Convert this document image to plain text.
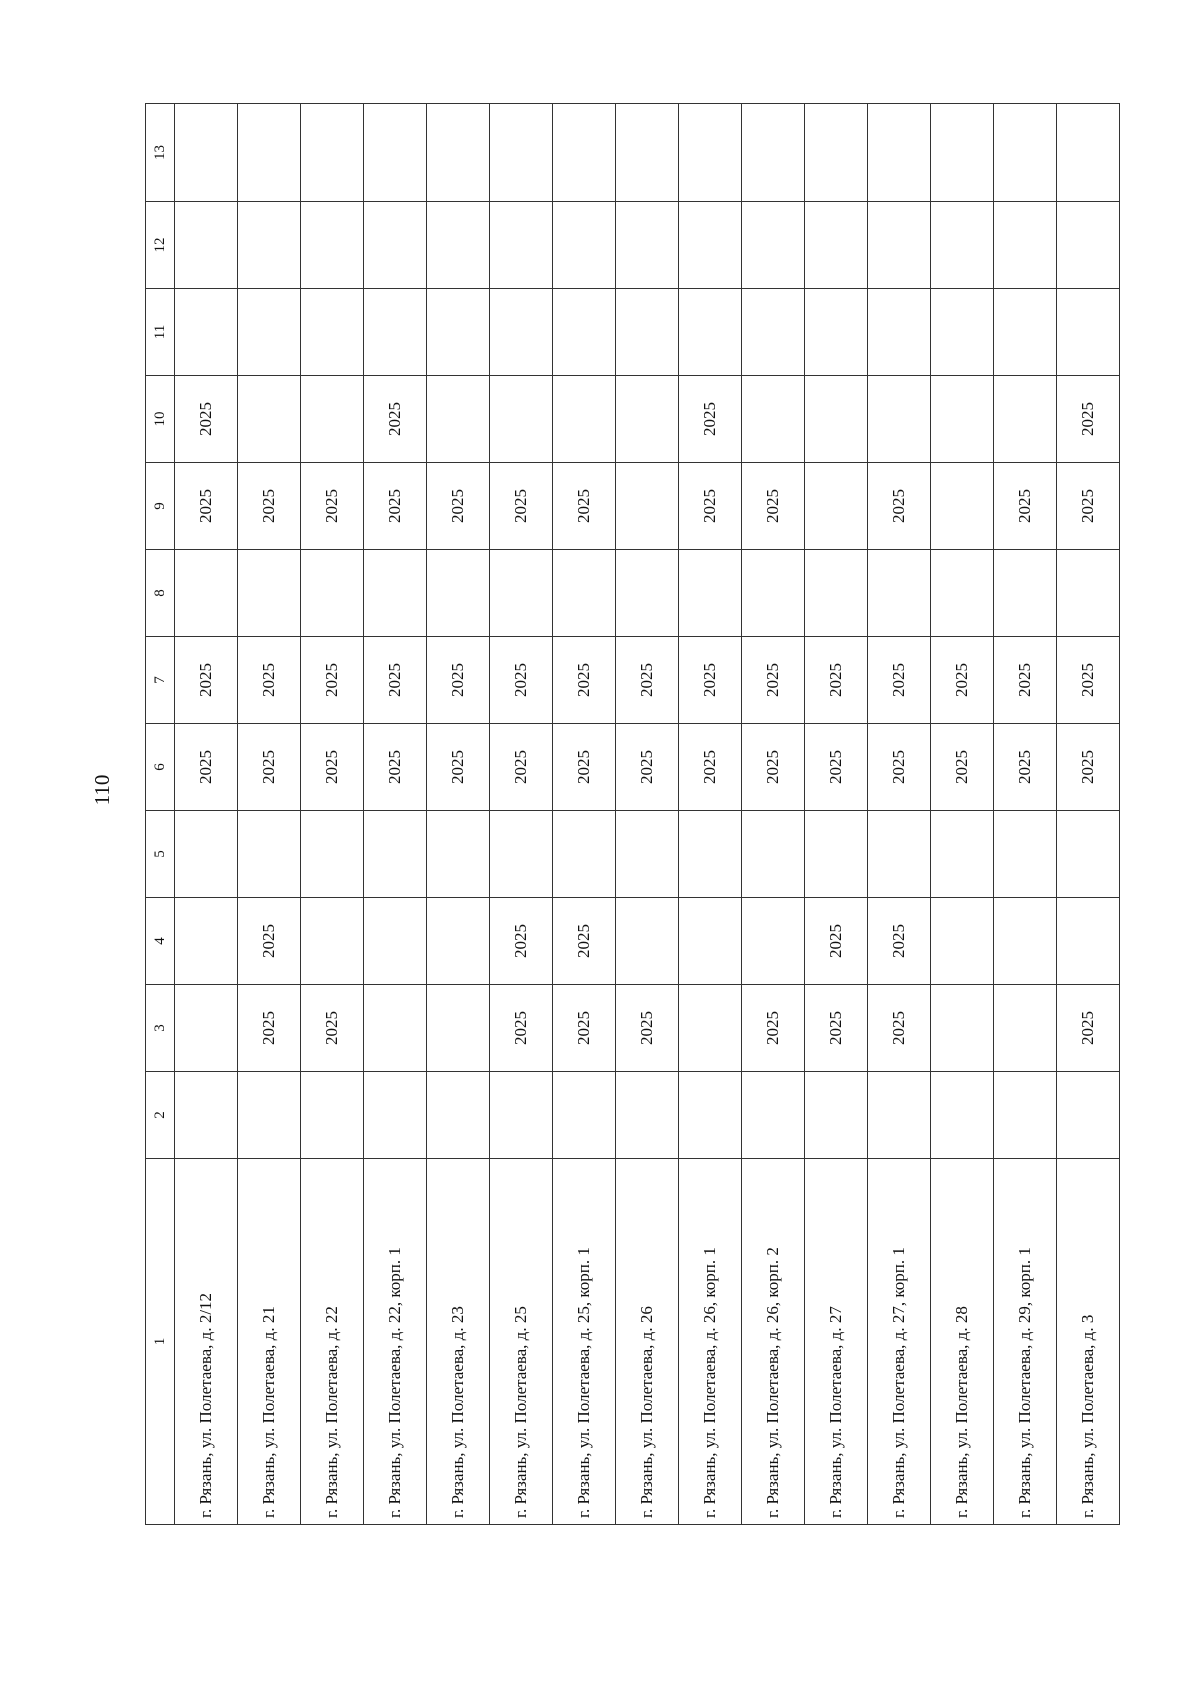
110
1	2	3	4	5	6	7	8	9	10	11	12	13
г. Рязань, ул. Полетаева, д. 2/12					2025	2025		2025	2025			
г. Рязань, ул. Полетаева, д. 21		2025	2025		2025	2025		2025				
г. Рязань, ул. Полетаева, д. 22		2025			2025	2025		2025				
г. Рязань, ул. Полетаева, д. 22, корп. 1					2025	2025		2025	2025			
г. Рязань, ул. Полетаева, д. 23					2025	2025		2025				
г. Рязань, ул. Полетаева, д. 25		2025	2025		2025	2025		2025				
г. Рязань, ул. Полетаева, д. 25, корп. 1		2025	2025		2025	2025		2025				
г. Рязань, ул. Полетаева, д. 26		2025			2025	2025						
г. Рязань, ул. Полетаева, д. 26, корп. 1					2025	2025		2025	2025			
г. Рязань, ул. Полетаева, д. 26, корп. 2		2025			2025	2025		2025				
г. Рязань, ул. Полетаева, д. 27		2025	2025		2025	2025						
г. Рязань, ул. Полетаева, д. 27, корп. 1		2025	2025		2025	2025		2025				
г. Рязань, ул. Полетаева, д. 28					2025	2025						
г. Рязань, ул. Полетаева, д. 29, корп. 1					2025	2025		2025				
г. Рязань, ул. Полетаева, д. 3		2025			2025	2025		2025	2025			
